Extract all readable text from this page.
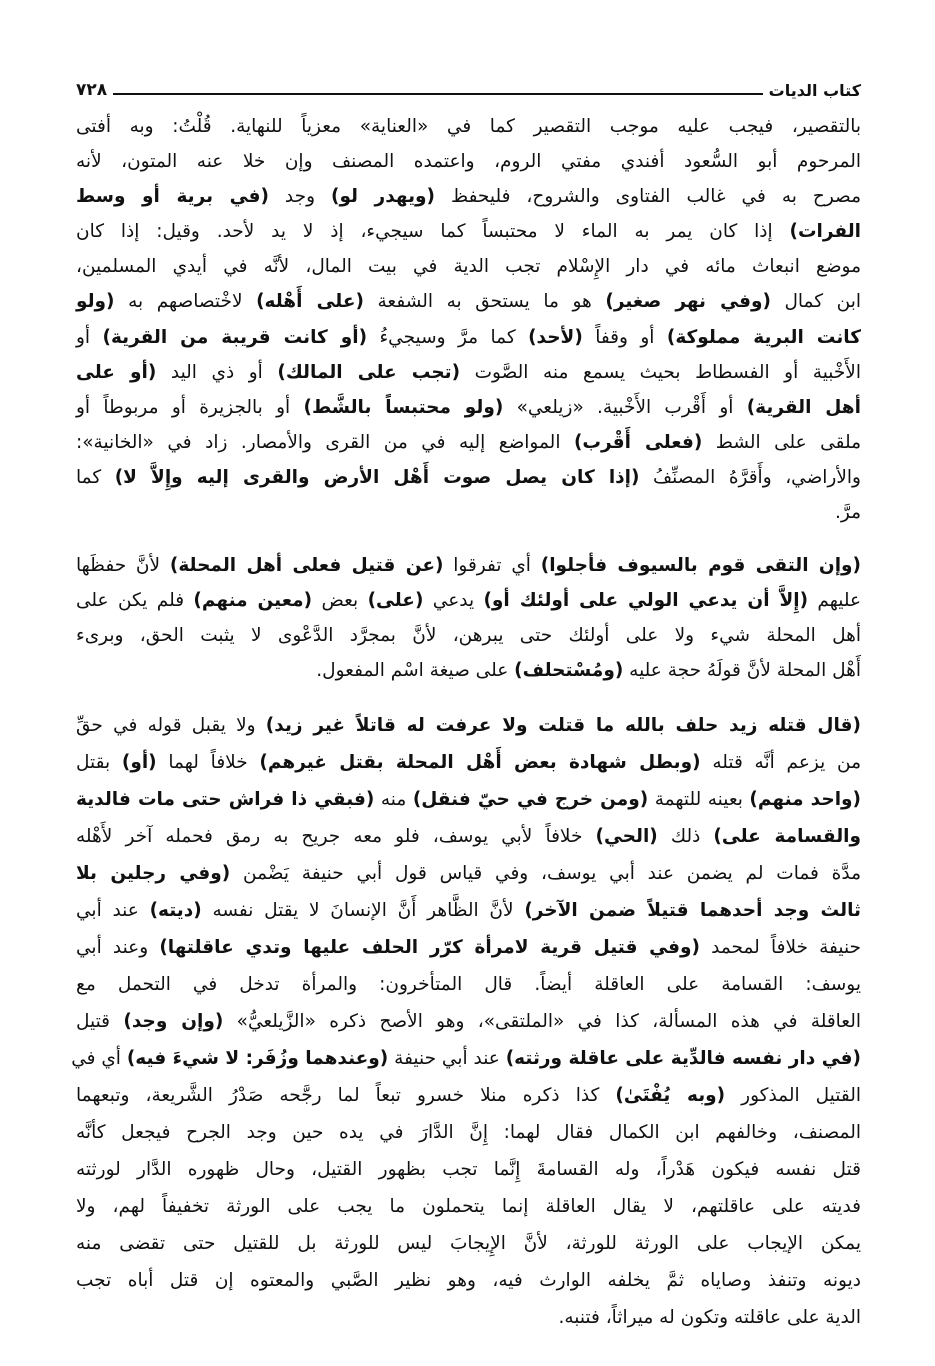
كتاب الديات
٧٢٨
بالتقصير، فيجب عليه موجب التقصير كما في «العناية» معزياً للنهاية. قُلْتُ: وبه أفتى
المرحوم أبو السُّعود أفندي مفتي الروم، واعتمده المصنف وإن خلا عنه المتون، لأنه
مصرح به في غالب الفتاوى والشروح، فليحفظ (ويهدر لو) وجد (في برية أو وسط
الفرات) إذا كان يمر به الماء لا محتبساً كما سيجيء، إذ لا يد لأحد. وقيل: إذا كان
موضع انبعاث مائه في دار الإِسْلام تجب الدية في بيت المال، لأنَّه في أيدي المسلمين،
ابن كمال (وفي نهر صغير) هو ما يستحق به الشفعة (على أَهْله) لاخْتصاصهم به (ولو
كانت البرية مملوكة) أو وقفاً (لأحد) كما مرَّ وسيجيءُ (أو كانت قريبة من القرية) أو
الأَخْبية أو الفسطاط بحيث يسمع منه الصَّوت (تجب على المالك) أو ذي اليد (أو على
أهل القرية) أو أَقْرب الأَخْبية. «زيلعي» (ولو محتبساً بالشَّط) أو بالجزيرة أو مربوطاً أو
ملقى على الشط (فعلى أَقْرب) المواضع إليه في من القرى والأمصار. زاد في «الخانية»:
والأراضي، وأَقرَّهُ المصنِّفُ (إذا كان يصل صوت أَهْل الأرض والقرى إليه وإِلاَّ لا) كما
مرَّ.
(وإن التقى قوم بالسيوف فأجلوا) أي تفرقوا (عن قتيل فعلى أهل المحلة) لأنَّ حفظَها
عليهم (إِلاَّ أن يدعي الولي على أولئك أو) يدعي (على) بعض (معين منهم) فلم يكن على
أهل المحلة شيء ولا على أولئك حتى يبرهن، لأنَّ بمجرَّد الدَّعْوى لا يثبت الحق، وبرىء
أَهْل المحلة لأنَّ قولَهُ حجة عليه (ومُسْتحلف) على صيغة اسْم المفعول.
(قال قتله زيد حلف بالله ما قتلت ولا عرفت له قاتلاً غير زيد) ولا يقبل قوله في حقِّ
من يزعم أنَّه قتله (وبطل شهادة بعض أَهْل المحلة بقتل غيرهم) خلافاً لهما (أو) بقتل
(واحد منهم) بعينه للتهمة (ومن خرج في حيّ فنقل) منه (فبقي ذا فراش حتى مات فالدية
والقسامة على) ذلك (الحي) خلافاً لأبي يوسف، فلو معه جريح به رمق فحمله آخر لأَهْله
مدَّة فمات لم يضمن عند أبي يوسف، وفي قياس قول أبي حنيفة يَضْمن (وفي رجلين بلا
ثالث وجد أحدهما قتيلاً ضمن الآخر) لأنَّ الظَّاهر أَنَّ الإنسانَ لا يقتل نفسه (ديته) عند أبي
حنيفة خلافاً لمحمد (وفي قتيل قرية لامرأة كرّر الحلف عليها وتدي عاقلتها) وعند أبي
يوسف: القسامة على العاقلة أيضاً. قال المتأخرون: والمرأة تدخل في التحمل مع
العاقلة في هذه المسألة، كذا في «الملتقى»، وهو الأصح ذكره «الزَّيلعيُّ» (وإن وجد) قتيل
(في دار نفسه فالدِّية على عاقلة ورثته) عند أبي حنيفة (وعندهما وزُفَر: لا شيءَ فيه) أي في
القتيل المذكور (وبه يُفْتَىٰ) كذا ذكره منلا خسرو تبعاً لما رجَّحه صَدْرُ الشَّريعة، وتبعهما
المصنف، وخالفهم ابن الكمال فقال لهما: إِنَّ الدَّارَ في يده حين وجد الجرح فيجعل كأنَّه
قتل نفسه فيكون هَدْراً، وله القسامةَ إِنَّما تجب بظهور القتيل، وحال ظهوره الدَّار لورثته
فديته على عاقلتهم، لا يقال العاقلة إنما يتحملون ما يجب على الورثة تخفيفاً لهم، ولا
يمكن الإيجاب على الورثة للورثة، لأنَّ الإِيجابَ ليس للورثة بل للقتيل حتى تقضى منه
ديونه وتنفذ وصاياه ثمَّ يخلفه الوارث فيه، وهو نظير الصَّبي والمعتوه إن قتل أباه تجب
الدية على عاقلته وتكون له ميراثاً، فتنبه.
